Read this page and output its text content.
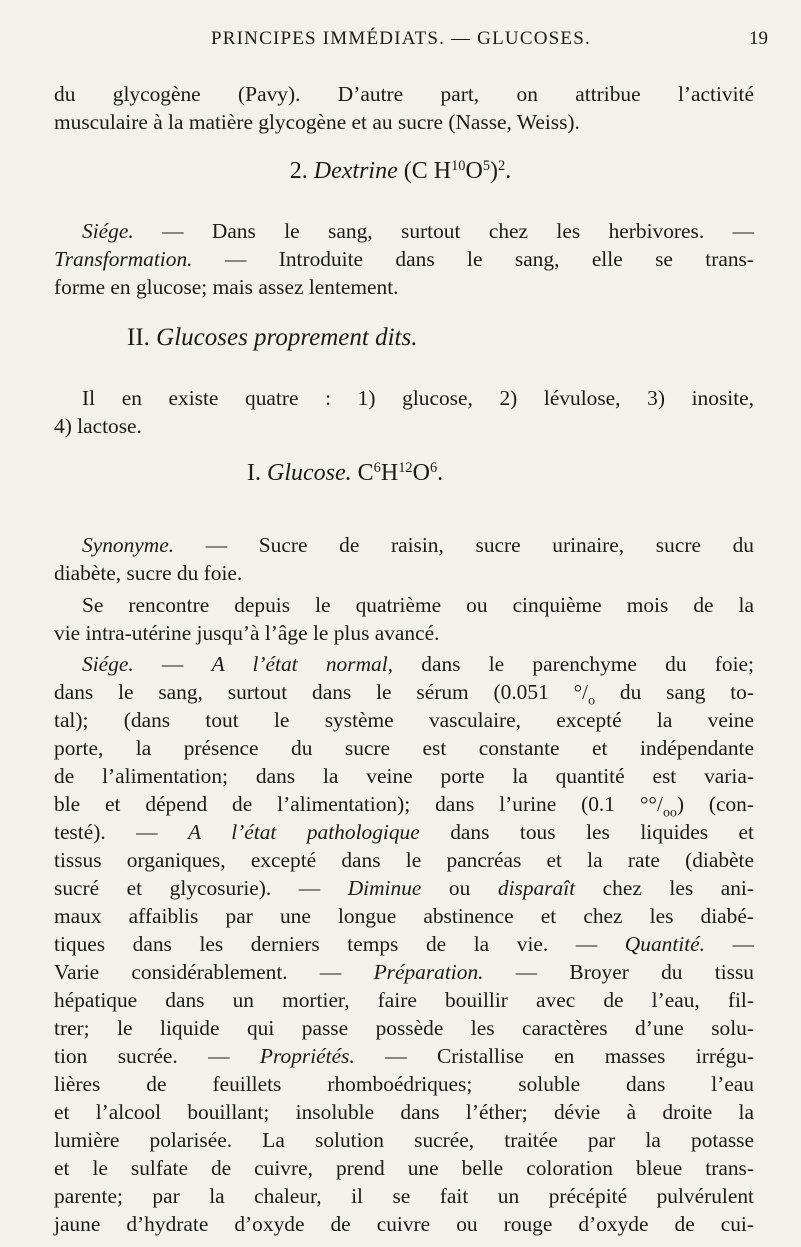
PRINCIPES IMMÉDIATS. — GLUCOSES.	19
du glycogène (Pavy). D’autre part, on attribue l’activité
musculaire à la matière glycogène et au sucre (Nasse, Weiss).
2. Dextrine (C $H^{10}O^5)^2$.
Siége. — Dans le sang, surtout chez les herbivores. —
Transformation. — Introduite dans le sang, elle se trans-
forme en glucose; mais assez lentement.
II. Glucoses proprement dits.
Il en existe quatre : 1) glucose, 2) lévulose, 3) inosite,
4) lactose.
I. Glucose. $C^6H^{12}O^6$.
Synonyme. — Sucre de raisin, sucre urinaire, sucre du
diabète, sucre du foie.
Se rencontre depuis le quatrième ou cinquième mois de la
vie intra-utérine jusqu’à l’âge le plus avancé.
Siége. — A l’état normal, dans le parenchyme du foie;
dans le sang, surtout dans le sérum (0.051 $^\circ/_o$ du sang to-
tal); (dans tout le système vasculaire, excepté la veine
porte, la présence du sucre est constante et indépendante
de l’alimentation; dans la veine porte la quantité est varia-
ble et dépend de l’alimentation); dans l’urine (0.1 $^\circ^\circ/_{oo}$) (con-
testé). — A l’état pathologique dans tous les liquides et
tissus organiques, excepté dans le pancréas et la rate (diabète
sucré et glycosurie). — Diminue ou disparaît chez les ani-
maux affaiblis par une longue abstinence et chez les diabé-
tiques dans les derniers temps de la vie. — Quantité. —
Varie considérablement. — Préparation. — Broyer du tissu
hépatique dans un mortier, faire bouillir avec de l’eau, fil-
trer; le liquide qui passe possède les caractères d’une solu-
tion sucrée. — Propriétés. — Cristallise en masses irrégu-
lières de feuillets rhomboédriques; soluble dans l’eau
et l’alcool bouillant; insoluble dans l’éther; dévie à droite la
lumière polarisée. La solution sucrée, traitée par la potasse
et le sulfate de cuivre, prend une belle coloration bleue trans-
parente; par la chaleur, il se fait un précépité pulvérulent
jaune d’hydrate d’oxyde de cuivre ou rouge d’oxyde de cui-
